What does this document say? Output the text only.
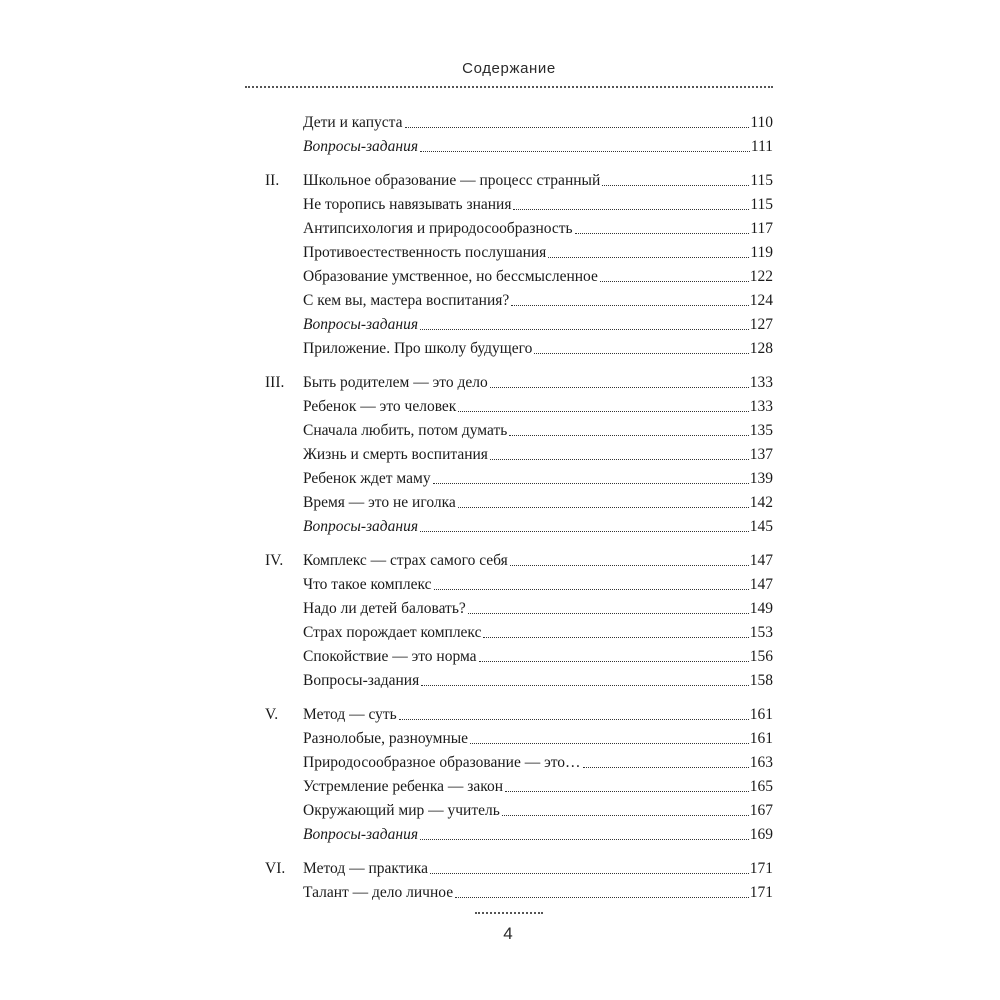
Содержание
Дети и капуста	110
Вопросы-задания	111
II.	Школьное образование — процесс странный	115
Не торопись навязывать знания	115
Антипсихология и природосообразность	117
Противоестественность послушания	119
Образование умственное, но бессмысленное	122
С кем вы, мастера воспитания?	124
Вопросы-задания	127
Приложение. Про школу будущего	128
III.	Быть родителем — это дело	133
Ребенок — это человек	133
Сначала любить, потом думать	135
Жизнь и смерть воспитания	137
Ребенок ждет маму	139
Время — это не иголка	142
Вопросы-задания	145
IV.	Комплекс — страх самого себя	147
Что такое комплекс	147
Надо ли детей баловать?	149
Страх порождает комплекс	153
Спокойствие — это норма	156
Вопросы-задания	158
V.	Метод — суть	161
Разнолобые, разноумные	161
Природосообразное образование — это…	163
Устремление ребенка — закон	165
Окружающий мир — учитель	167
Вопросы-задания	169
VI.	Метод — практика	171
Талант — дело личное	171
4
